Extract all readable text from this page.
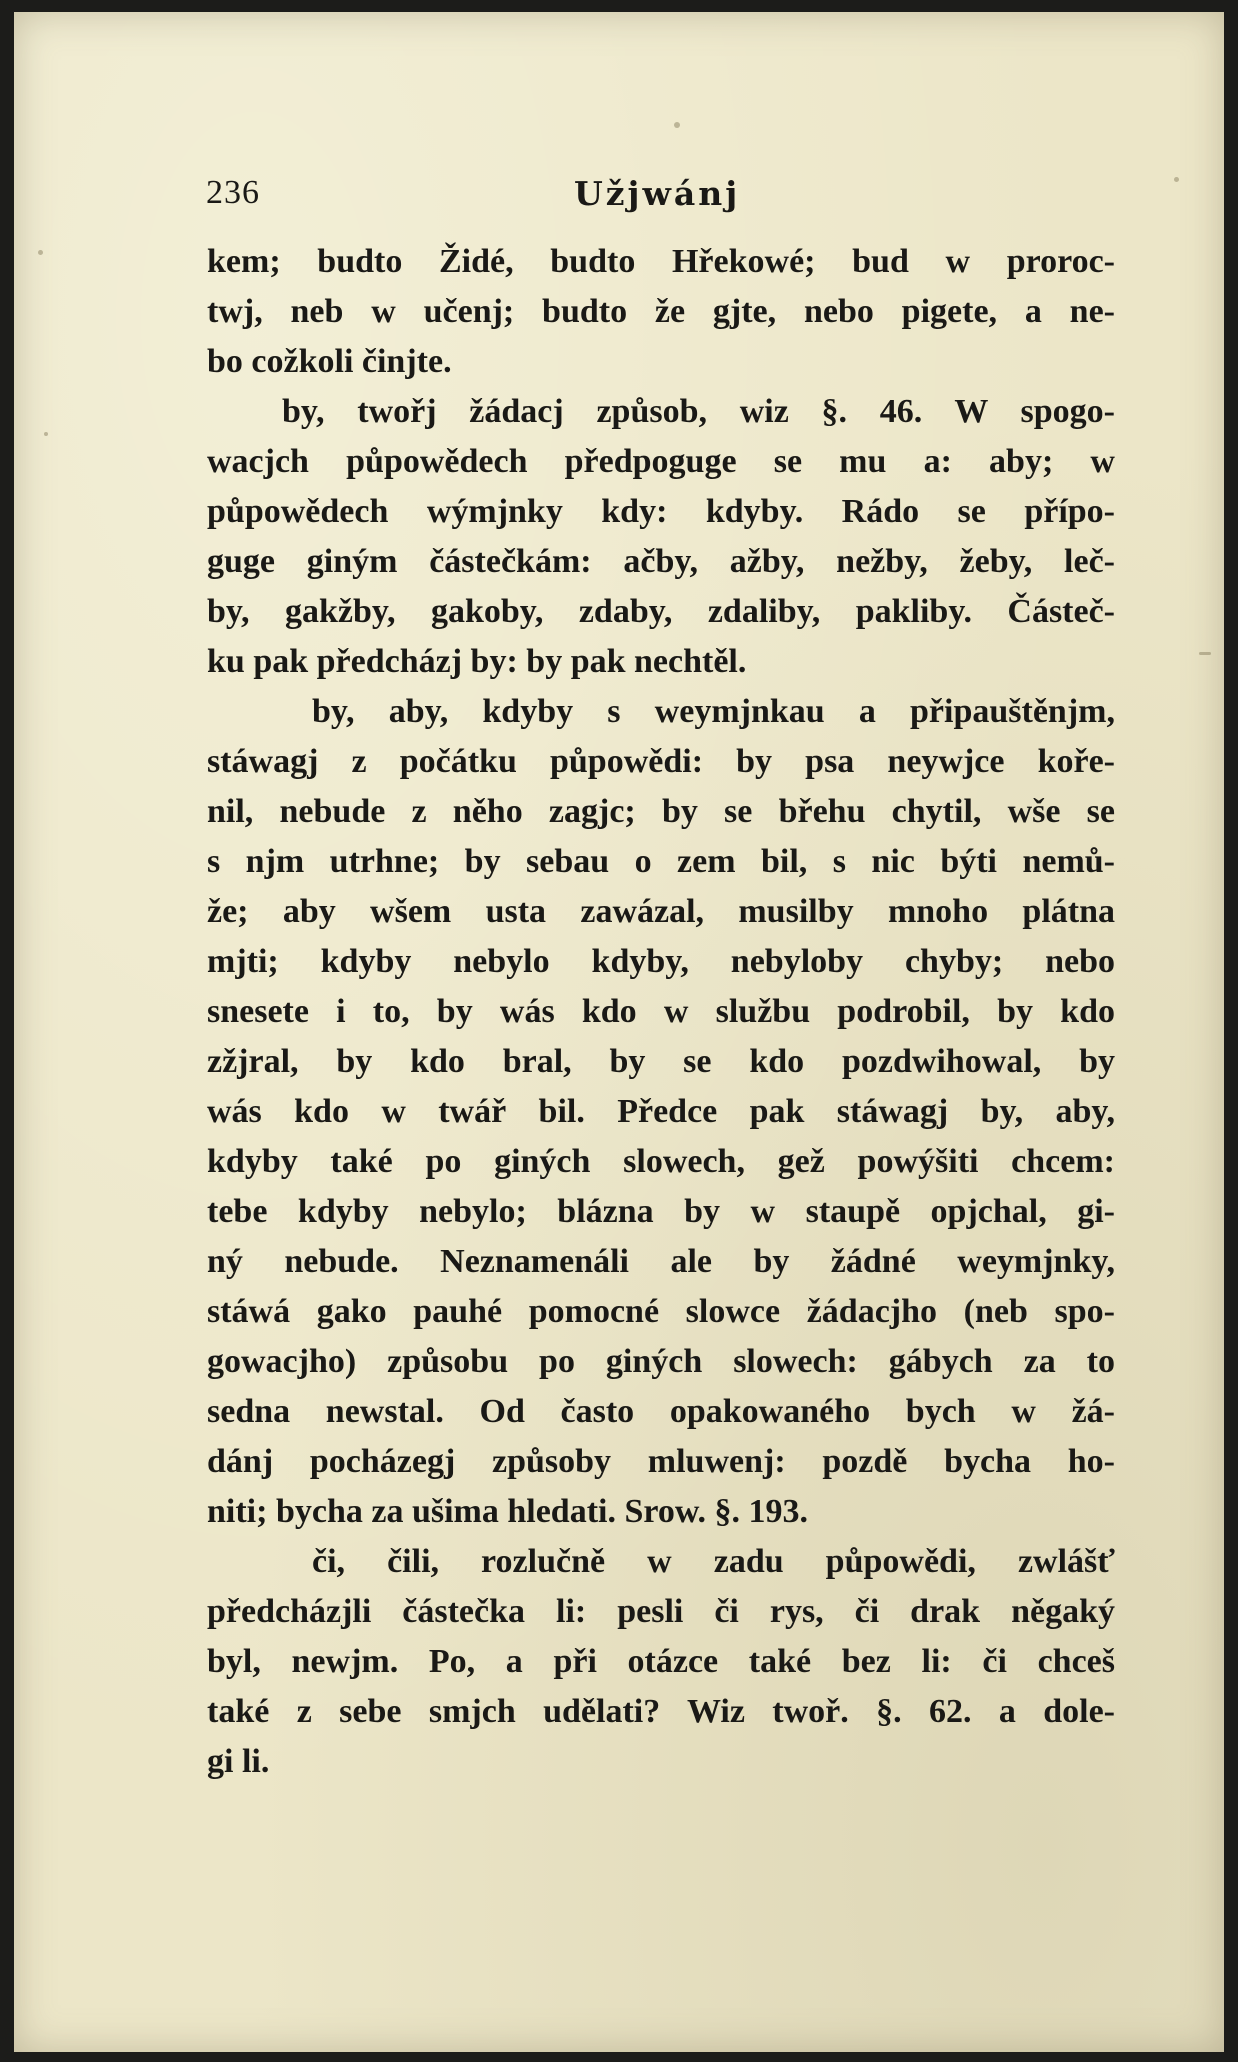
236	Užjwánj
kem; budto Židé, budto Hřekowé; bud w proroc-
twj, neb w učenj; budto že gjte, nebo pigete, a ne-
bo cožkoli činjte.
by, twořj žádacj způsob, wiz §. 46. W spogo-
wacjch půpowědech předpoguge se mu a: aby; w
půpowědech wýmjnky kdy: kdyby. Rádo se přípo-
guge giným částečkám: ačby, ažby, nežby, žeby, leč-
by, gakžby, gakoby, zdaby, zdaliby, pakliby. Částeč-
ku pak předcházj by: by pak nechtěl.
by, aby, kdyby s weymjnkau a připauštěnjm,
stáwagj z počátku půpowědi: by psa neywjce kořе-
nil, nebude z něho zagjc; by se břehu chytil, wše se
s njm utrhne; by sebau o zem bil, s nic býti nemů-
že; aby wšem usta zawázal, musilby mnoho plátna
mjti; kdyby nebylo kdyby, nebyloby chyby; nebo
snesete i to, by wás kdo w službu podrobil, by kdo
zžjral, by kdo bral, by se kdo pozdwihowal, by
wás kdo w twář bil. Předce pak stáwagj by, aby,
kdyby také po giných slowech, gež powýšiti chcem:
tebe kdyby nebylo; blázna by w staupě opjchal, gi-
ný nebude. Neznamenáli ale by žádné weymjnky,
stáwá gako pauhé pomocné slowce žádacjho (neb spo-
gowacjho) způsobu po giných slowech: gábych za to
sedna newstal. Od často opakowaného bych w žá-
dánj pocházegj způsoby mluwenj: pozdě bycha ho-
niti; bycha za ušima hledati. Srow. §. 193.
či, čili, rozlučně w zadu půpowědi, zwlášť
předcházjli částečka li: pesli či rys, či drak něgaký
byl, newjm. Po, a při otázce také bez li: či chceš
také z sebe smjch udělati? Wiz twoř. §. 62. a dole-
gi li.
